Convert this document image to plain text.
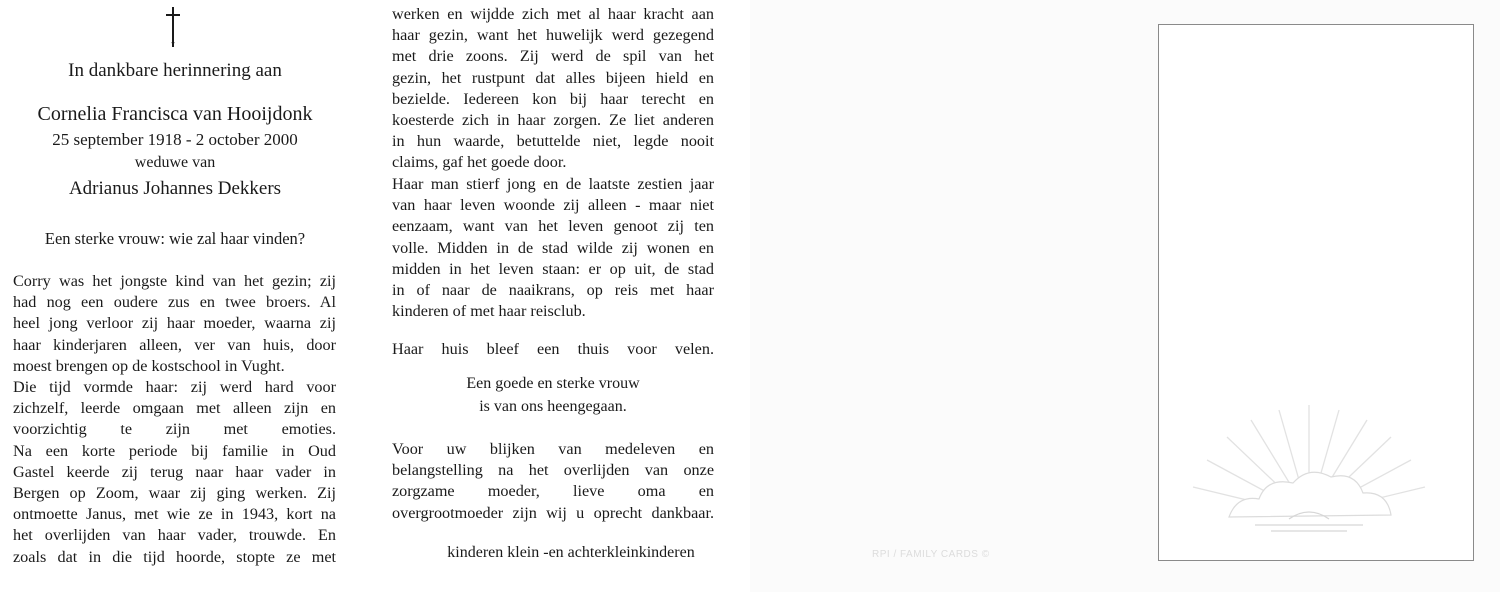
In dankbare herinnering aan

Cornelia Francisca van Hooijdonk

25 september 1918 - 2 october 2000

weduwe van

Adrianus Johannes Dekkers

Een sterke vrouw: wie zal haar vinden?

Corry was het jongste kind van het gezin; zij
had nog een oudere zus en twee broers. Al
heel jong verloor zij haar moeder, waarna zij
haar kinderjaren alleen, ver van huis, door
moest brengen op de kostschool in Vught.
Die tijd vormde haar: zij werd hard voor
zichzelf, leerde omgaan met alleen zijn en
voorzichtig te zijn met emoties.
Na een korte periode bij familie in Oud
Gastel keerde zij terug naar haar vader in
Bergen op Zoom, waar zij ging werken. Zij
ontmoette Janus, met wie ze in 1943, kort na
het overlijden van haar vader, trouwde. En
zoals dat in die tijd hoorde, stopte ze met
werken en wijdde zich met al haar kracht aan
haar gezin, want het huwelijk werd gezegend
met drie zoons. Zij werd de spil van het
gezin, het rustpunt dat alles bijeen hield en
bezielde. Iedereen kon bij haar terecht en
koesterde zich in haar zorgen. Ze liet anderen
in hun waarde, betuttelde niet, legde nooit
claims, gaf het goede door.
Haar man stierf jong en de laatste zestien jaar
van haar leven woonde zij alleen - maar niet
eenzaam, want van het leven genoot zij ten
volle. Midden in de stad wilde zij wonen en
midden in het leven staan: er op uit, de stad
in of naar de naaikrans, op reis met haar
kinderen of met haar reisclub.
Haar huis bleef een thuis voor velen.

Een goede en sterke vrouw

is van ons heengegaan.

Voor uw blijken van medeleven en
belangstelling na het overlijden van onze
zorgzame moeder, lieve oma en
overgrootmoeder zijn wij u oprecht dankbaar.

kinderen klein -en achterkleinkinderen	RPI / FAMILY CARDS ©
